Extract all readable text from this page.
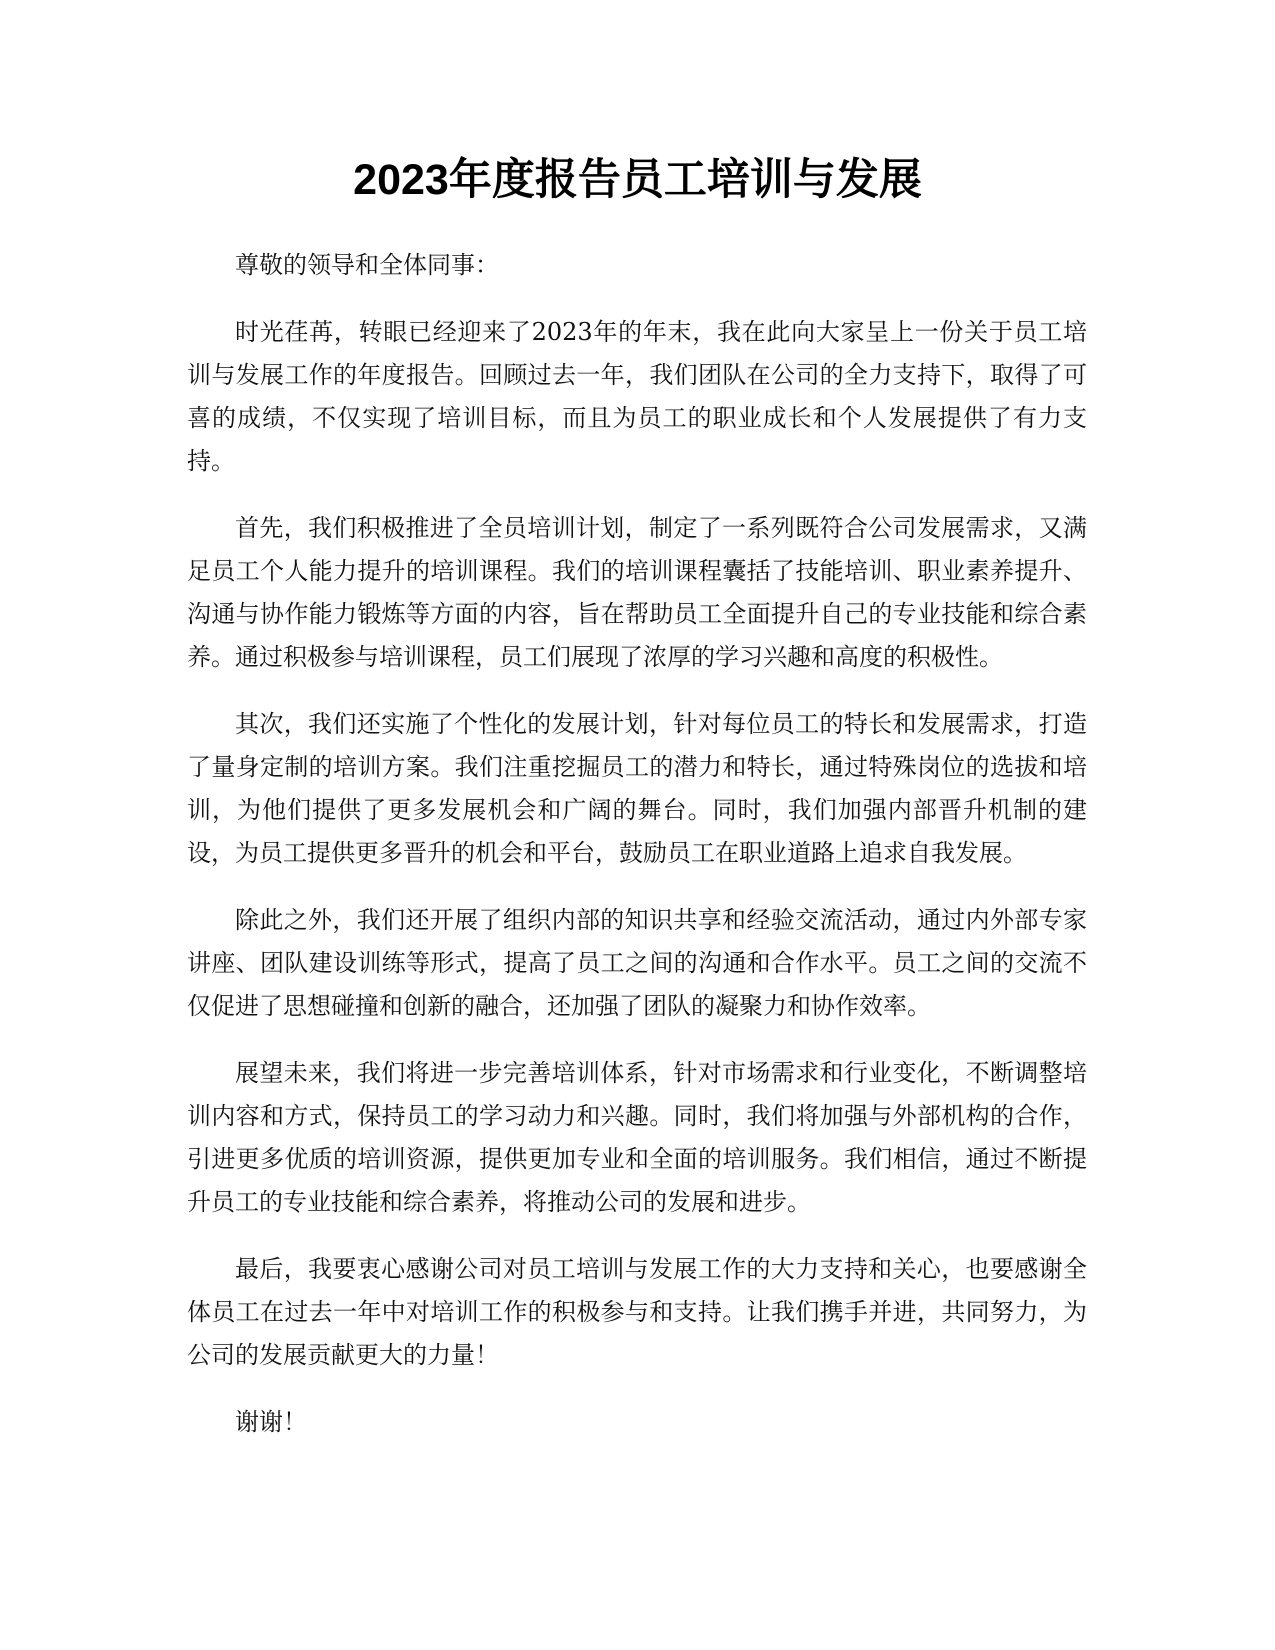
2023年度报告员工培训与发展

尊敬的领导和全体同事：

时光荏苒，转眼已经迎来了2023年的年末，我在此向大家呈上一份关于员工培训与发展工作的年度报告。回顾过去一年，我们团队在公司的全力支持下，取得了可喜的成绩，不仅实现了培训目标，而且为员工的职业成长和个人发展提供了有力支持。

首先，我们积极推进了全员培训计划，制定了一系列既符合公司发展需求，又满足员工个人能力提升的培训课程。我们的培训课程囊括了技能培训、职业素养提升、沟通与协作能力锻炼等方面的内容，旨在帮助员工全面提升自己的专业技能和综合素养。通过积极参与培训课程，员工们展现了浓厚的学习兴趣和高度的积极性。

其次，我们还实施了个性化的发展计划，针对每位员工的特长和发展需求，打造了量身定制的培训方案。我们注重挖掘员工的潜力和特长，通过特殊岗位的选拔和培训，为他们提供了更多发展机会和广阔的舞台。同时，我们加强内部晋升机制的建设，为员工提供更多晋升的机会和平台，鼓励员工在职业道路上追求自我发展。

除此之外，我们还开展了组织内部的知识共享和经验交流活动，通过内外部专家讲座、团队建设训练等形式，提高了员工之间的沟通和合作水平。员工之间的交流不仅促进了思想碰撞和创新的融合，还加强了团队的凝聚力和协作效率。

展望未来，我们将进一步完善培训体系，针对市场需求和行业变化，不断调整培训内容和方式，保持员工的学习动力和兴趣。同时，我们将加强与外部机构的合作，引进更多优质的培训资源，提供更加专业和全面的培训服务。我们相信，通过不断提升员工的专业技能和综合素养，将推动公司的发展和进步。

最后，我要衷心感谢公司对员工培训与发展工作的大力支持和关心，也要感谢全体员工在过去一年中对培训工作的积极参与和支持。让我们携手并进，共同努力，为公司的发展贡献更大的力量！

谢谢！
